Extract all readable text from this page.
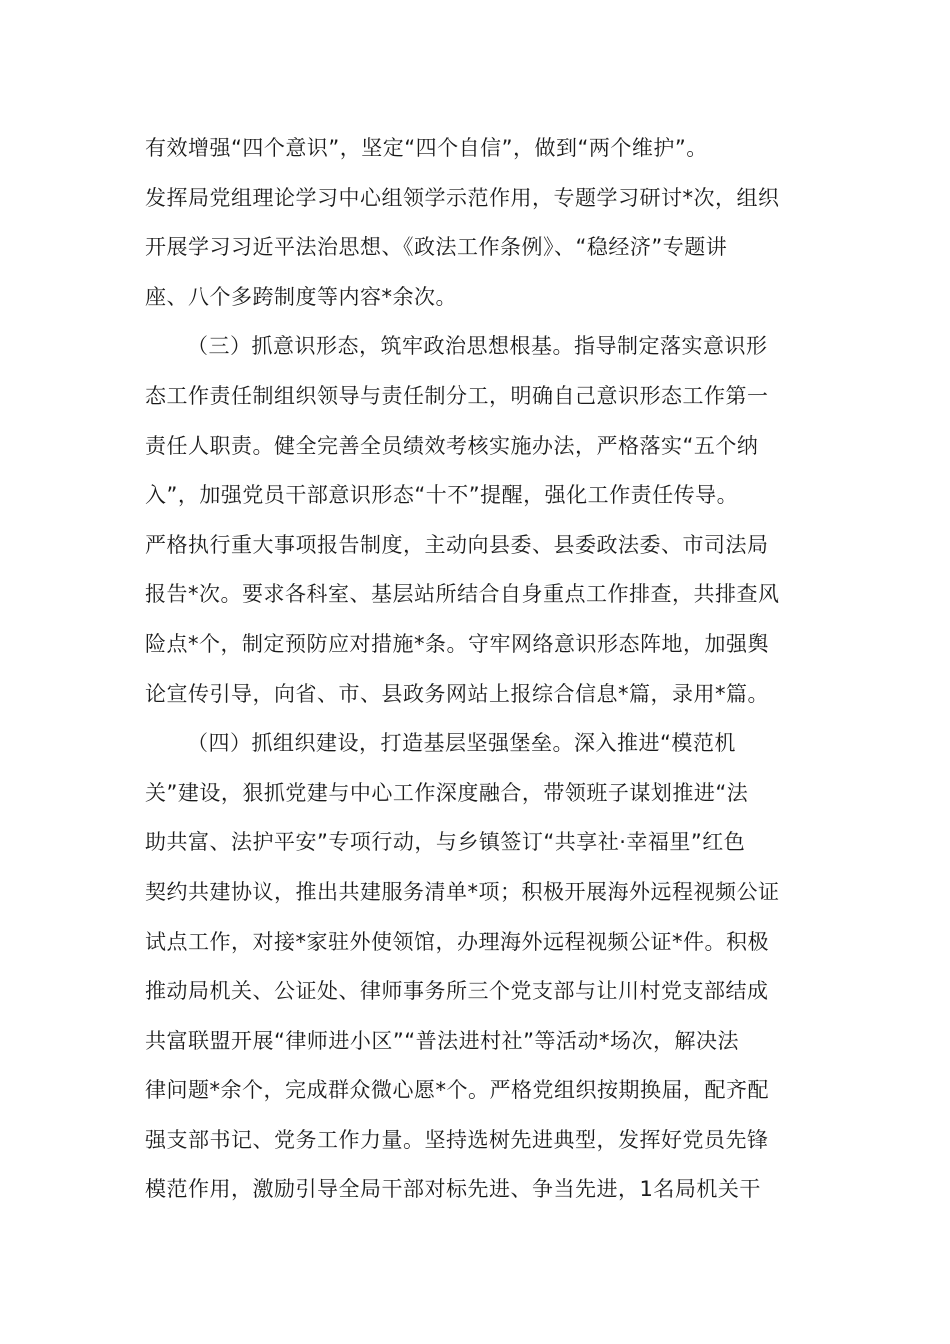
有效增强“四个意识”，坚定“四个自信”，做到“两个维护”。
发挥局党组理论学习中心组领学示范作用，专题学习研讨*次，组织
开展学习习近平法治思想、《政法工作条例》、“稳经济”专题讲
座、八个多跨制度等内容*余次。
（三）抓意识形态，筑牢政治思想根基。指导制定落实意识形
态工作责任制组织领导与责任制分工，明确自己意识形态工作第一
责任人职责。健全完善全员绩效考核实施办法，严格落实“五个纳
入”，加强党员干部意识形态“十不”提醒，强化工作责任传导。
严格执行重大事项报告制度，主动向县委、县委政法委、市司法局
报告*次。要求各科室、基层站所结合自身重点工作排查，共排查风
险点*个，制定预防应对措施*条。守牢网络意识形态阵地，加强舆
论宣传引导，向省、市、县政务网站上报综合信息*篇，录用*篇。
（四）抓组织建设，打造基层坚强堡垒。深入推进“模范机
关”建设，狠抓党建与中心工作深度融合，带领班子谋划推进“法
助共富、法护平安”专项行动，与乡镇签订“共享社·幸福里”红色
契约共建协议，推出共建服务清单*项；积极开展海外远程视频公证
试点工作，对接*家驻外使领馆，办理海外远程视频公证*件。积极
推动局机关、公证处、律师事务所三个党支部与让川村党支部结成
共富联盟开展“律师进小区”“普法进村社”等活动*场次，解决法
律问题*余个，完成群众微心愿*个。严格党组织按期换届，配齐配
强支部书记、党务工作力量。坚持选树先进典型，发挥好党员先锋
模范作用，激励引导全局干部对标先进、争当先进，1名局机关干
